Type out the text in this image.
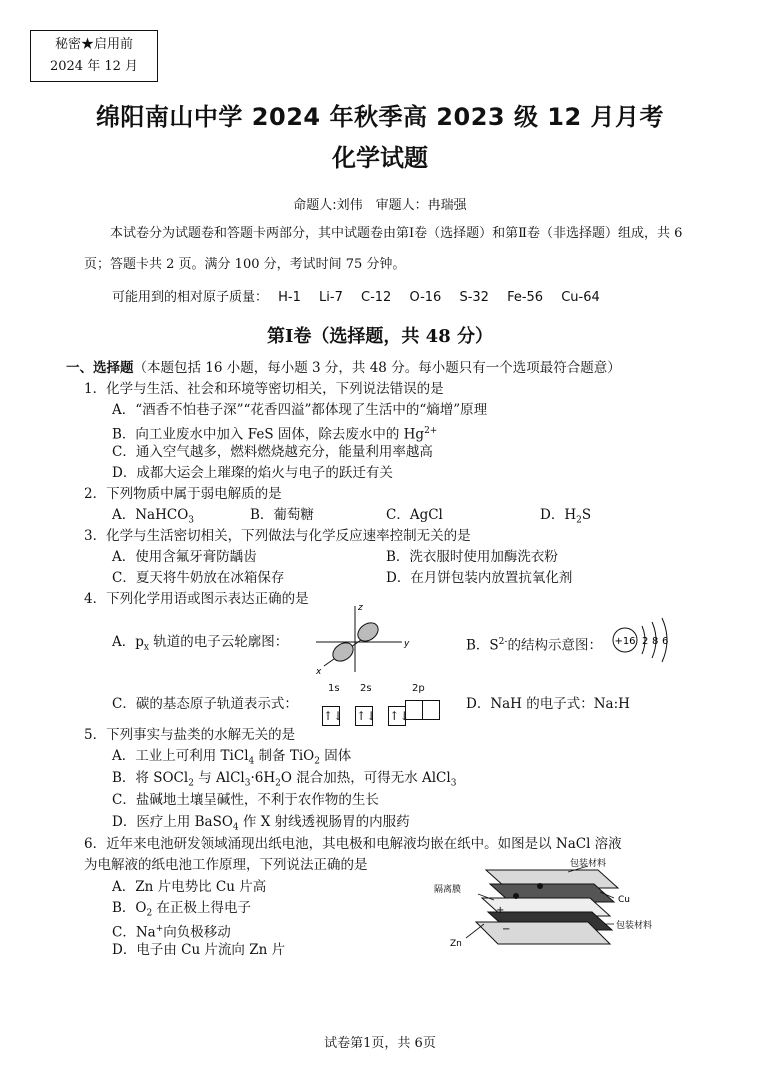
秘密★启用前
2024 年 12 月
绵阳南山中学 2024 年秋季高 2023 级 12 月月考
化学试题
命题人:刘伟　审题人：冉瑞强
本试卷分为试题卷和答题卡两部分，其中试题卷由第Ⅰ卷（选择题）和第Ⅱ卷（非选择题）组成，共 6 页；答题卡共 2 页。满分 100 分，考试时间 75 分钟。
可能用到的相对原子质量： H-1 Li-7 C-12 O-16 S-32 Fe-56 Cu-64
第Ⅰ卷（选择题，共 48 分）
一、选择题（本题包括 16 小题，每小题 3 分，共 48 分。每小题只有一个选项最符合题意）
1．化学与生活、社会和环境等密切相关，下列说法错误的是
A．“酒香不怕巷子深”“花香四溢”都体现了生活中的“熵增”原理
B．向工业废水中加入 FeS 固体，除去废水中的 $Hg^{2+}$
C．通入空气越多，燃料燃烧越充分，能量利用率越高
D．成都大运会上璀璨的焰火与电子的跃迁有关
2．下列物质中属于弱电解质的是
A．NaHCO$_3$	B．葡萄糖	C．AgCl	D．$H_2S$
3．化学与生活密切相关，下列做法与化学反应速率控制无关的是
A．使用含氟牙膏防龋齿	B．洗衣服时使用加酶洗衣粉
C．夏天将牛奶放在冰箱保存	D．在月饼包装内放置抗氧化剂
4．下列化学用语或图示表达正确的是
A．$p_x$ 轨道的电子云轮廓图：
z
y
x
B．$S^{2-}$的结构示意图： +16 2 8 6
C．碳的基态原子轨道表示式：
1s 2s	2p
↑↓ ↑↓ ↑↓
D．NaH 的电子式：Na:H
5．下列事实与盐类的水解无关的是
A．工业上可利用 TiCl$_4$ 制备 TiO$_2$ 固体
B．将 SOCl$_2$ 与 $AlCl_3\cdot 6H_2O$ 混合加热，可得无水 AlCl$_3$
C．盐碱地土壤呈碱性，不利于农作物的生长
D．医疗上用 BaSO$_4$ 作 X 射线透视肠胃的内服药
6．近年来电池研发领域涌现出纸电池，其电极和电解液均嵌在纸中。如图是以 NaCl 溶液
为电解液的纸电池工作原理，下列说法正确的是
A．Zn 片电势比 Cu 片高
B．$O_2$ 在正极上得电子
C．Na+向负极移动
D．电子由 Cu 片流向 Zn 片
+
−
包装材料
隔离膜
Cu
包装材料
Zn
试卷第1页，共 6页
